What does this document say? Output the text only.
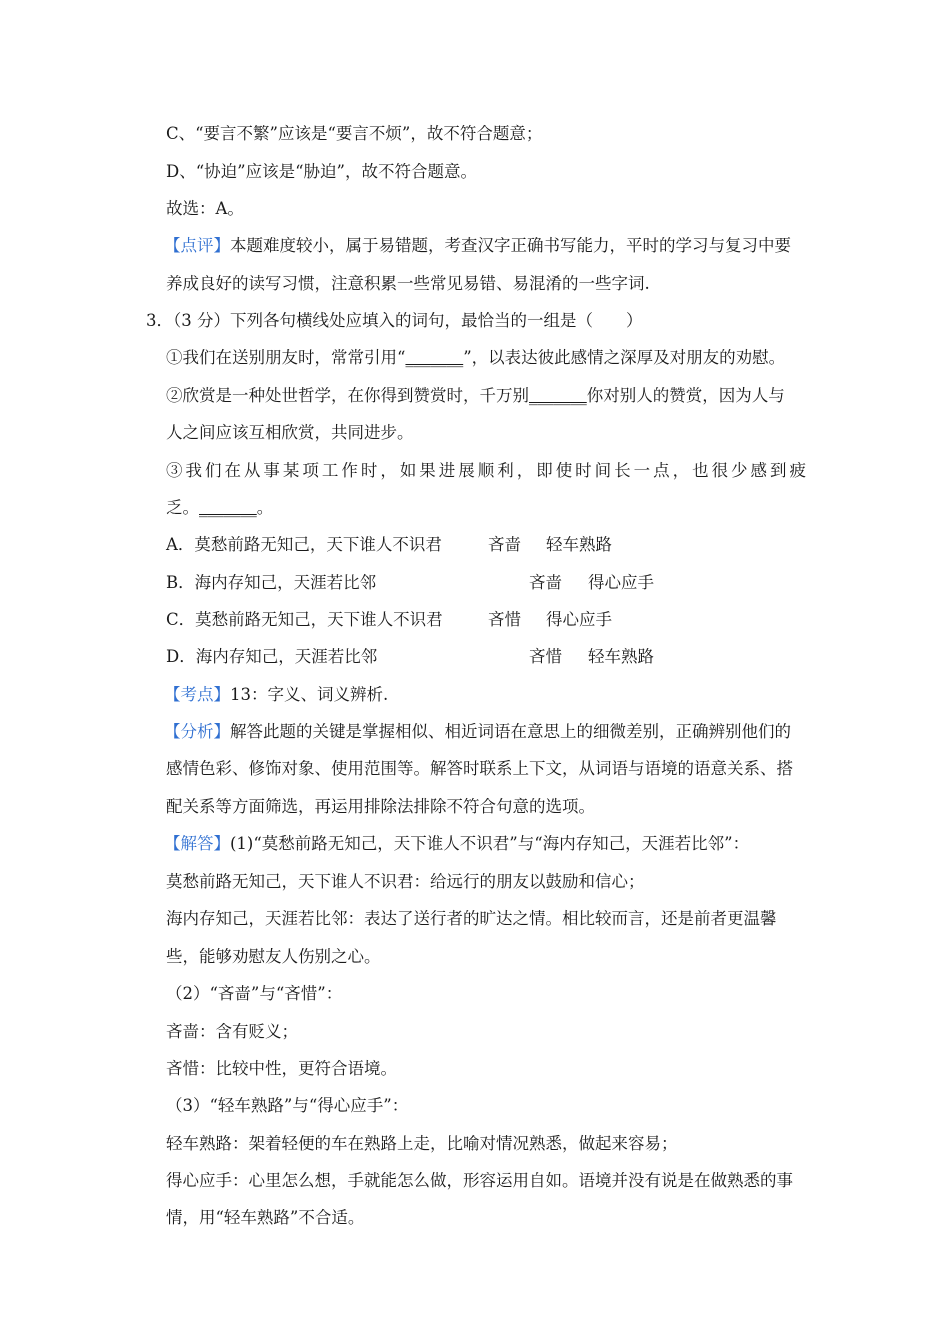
C、“要言不繁”应该是“要言不烦”，故不符合题意；
D、“协迫”应该是“胁迫”，故不符合题意。
故选：A。
【点评】本题难度较小，属于易错题，考查汉字正确书写能力，平时的学习与复习中要
养成良好的读写习惯，注意积累一些常见易错、易混淆的一些字词.
3．（3 分）下列各句横线处应填入的词句，最恰当的一组是（　　）
①我们在送别朋友时，常常引用“_______”，以表达彼此感情之深厚及对朋友的劝慰。
②欣赏是一种处世哲学，在你得到赞赏时，千万别_______你对别人的赞赏，因为人与
人之间应该互相欣赏，共同进步。
③我们在从事某项工作时，如果进展顺利，即使时间长一点，也很少感到疲
乏。_______。
A．莫愁前路无知己，天下谁人不识君	吝啬 轻车熟路
B．海内存知己，天涯若比邻	吝啬 得心应手
C．莫愁前路无知己，天下谁人不识君	吝惜 得心应手
D．海内存知己，天涯若比邻	吝惜 轻车熟路
【考点】13：字义、词义辨析.
【分析】解答此题的关键是掌握相似、相近词语在意思上的细微差别，正确辨别他们的
感情色彩、修饰对象、使用范围等。解答时联系上下文，从词语与语境的语意关系、搭
配关系等方面筛选，再运用排除法排除不符合句意的选项。
【解答】(1)“莫愁前路无知己，天下谁人不识君”与“海内存知己，天涯若比邻”：
莫愁前路无知己，天下谁人不识君：给远行的朋友以鼓励和信心；
海内存知己，天涯若比邻：表达了送行者的旷达之情。相比较而言，还是前者更温馨
些，能够劝慰友人伤别之心。
（2）“吝啬”与“吝惜”：
吝啬：含有贬义；
吝惜：比较中性，更符合语境。
（3）“轻车熟路”与“得心应手”：
轻车熟路：架着轻便的车在熟路上走，比喻对情况熟悉，做起来容易；
得心应手：心里怎么想，手就能怎么做，形容运用自如。语境并没有说是在做熟悉的事
情，用“轻车熟路”不合适。
